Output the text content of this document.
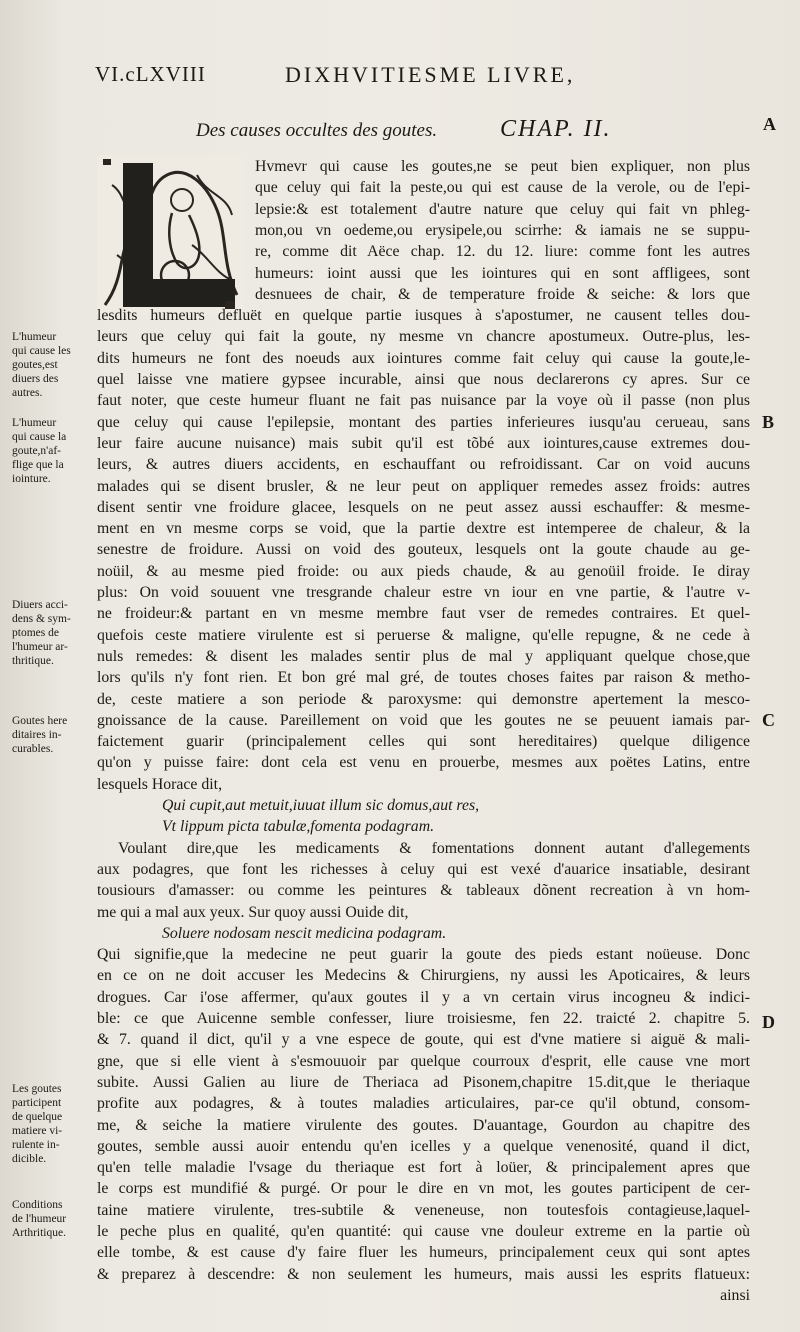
VI.cLXVIII	DIXHVITIESME LIVRE,
Des causes occultes des goutes.	CHAP. II.	A
B
C
D
Hvmevr qui cause les goutes,ne se peut bien expliquer, non plus
que celuy qui fait la peste,ou qui est cause de la verole, ou de l'epi-
lepsie:& est totalement d'autre nature que celuy qui fait vn phleg-
mon,ou vn oedeme,ou erysipele,ou scirrhe: & iamais ne se suppu-
re, comme dit Aëce chap. 12. du 12. liure: comme font les autres
humeurs: ioint aussi que les iointures qui en sont affligees, sont
desnuees de chair, & de temperature froide & seiche: & lors que
lesdits humeurs defluët en quelque partie iusques à s'apostumer, ne causent telles dou-
leurs que celuy qui fait la goute, ny mesme vn chancre apostumeux. Outre-plus, les-
dits humeurs ne font des noeuds aux iointures comme fait celuy qui cause la goute,le-
quel laisse vne matiere gypsee incurable, ainsi que nous declarerons cy apres. Sur ce
faut noter, que ceste humeur fluant ne fait pas nuisance par la voye où il passe (non plus
que celuy qui cause l'epilepsie, montant des parties inferieures iusqu'au cerueau, sans
leur faire aucune nuisance) mais subit qu'il est tõbé aux iointures,cause extremes dou-
leurs, & autres diuers accidents, en eschauffant ou refroidissant. Car on void aucuns
malades qui se disent brusler, & ne leur peut on appliquer remedes assez froids: autres
disent sentir vne froidure glacee, lesquels on ne peut assez aussi eschauffer: & mesme-
ment en vn mesme corps se void, que la partie dextre est intemperee de chaleur, & la
senestre de froidure. Aussi on void des gouteux, lesquels ont la goute chaude au ge-
noüil, & au mesme pied froide: ou aux pieds chaude, & au genoüil froide. Ie diray
plus: On void souuent vne tresgrande chaleur estre vn iour en vne partie, & l'autre v-
ne froideur:& partant en vn mesme membre faut vser de remedes contraires. Et quel-
quefois ceste matiere virulente est si peruerse & maligne, qu'elle repugne, & ne cede à
nuls remedes: & disent les malades sentir plus de mal y appliquant quelque chose,que
lors qu'ils n'y font rien. Et bon gré mal gré, de toutes choses faites par raison & metho-
de, ceste matiere a son periode & paroxysme: qui demonstre apertement la mesco-
gnoissance de la cause. Pareillement on void que les goutes ne se peuuent iamais par-
faictement guarir (principalement celles qui sont hereditaires) quelque diligence
qu'on y puisse faire: dont cela est venu en prouerbe, mesmes aux poëtes Latins, entre
lesquels Horace dit,
Qui cupit,aut metuit,iuuat illum sic domus,aut res,
Vt lippum picta tabulæ,fomenta podagram.
Voulant dire,que les medicaments & fomentations donnent autant d'allegements
aux podagres, que font les richesses à celuy qui est vexé d'auarice insatiable, desirant
tousiours d'amasser: ou comme les peintures & tableaux dõnent recreation à vn hom-
me qui a mal aux yeux. Sur quoy aussi Ouide dit,
Soluere nodosam nescit medicina podagram.
Qui signifie,que la medecine ne peut guarir la goute des pieds estant noüeuse. Donc
en ce on ne doit accuser les Medecins & Chirurgiens, ny aussi les Apoticaires, & leurs
drogues. Car i'ose affermer, qu'aux goutes il y a vn certain virus incogneu & indici-
ble: ce que Auicenne semble confesser, liure troisiesme, fen 22. traicté 2. chapitre 5.
& 7. quand il dict, qu'il y a vne espece de goute, qui est d'vne matiere si aiguë & mali-
gne, que si elle vient à s'esmouuoir par quelque courroux d'esprit, elle cause vne mort
subite. Aussi Galien au liure de Theriaca ad Pisonem,chapitre 15.dit,que le theriaque
profite aux podagres, & à toutes maladies articulaires, par-ce qu'il obtund, consom-
me, & seiche la matiere virulente des goutes. D'auantage, Gourdon au chapitre des
goutes, semble aussi auoir entendu qu'en icelles y a quelque venenosité, quand il dict,
qu'en telle maladie l'vsage du theriaque est fort à loüer, & principalement apres que
le corps est mundifié & purgé. Or pour le dire en vn mot, les goutes participent de cer-
taine matiere virulente, tres-subtile & veneneuse, non toutesfois contagieuse,laquel-
le peche plus en qualité, qu'en quantité: qui cause vne douleur extreme en la partie où
elle tombe, & est cause d'y faire fluer les humeurs, principalement ceux qui sont aptes
& preparez à descendre: & non seulement les humeurs, mais aussi les esprits flatueux:
ainsi
L'humeur
qui cause les
goutes,est
diuers des
autres.
L'humeur
qui cause la
goute,n'af-
flige que la
iointure.
Diuers acci-
dens & sym-
ptomes de
l'humeur ar-
thritique.
Goutes here
ditaires in-
curables.
Les goutes
participent
de quelque
matiere vi-
rulente in-
dicible.
Conditions
de l'humeur
Arthritique.
